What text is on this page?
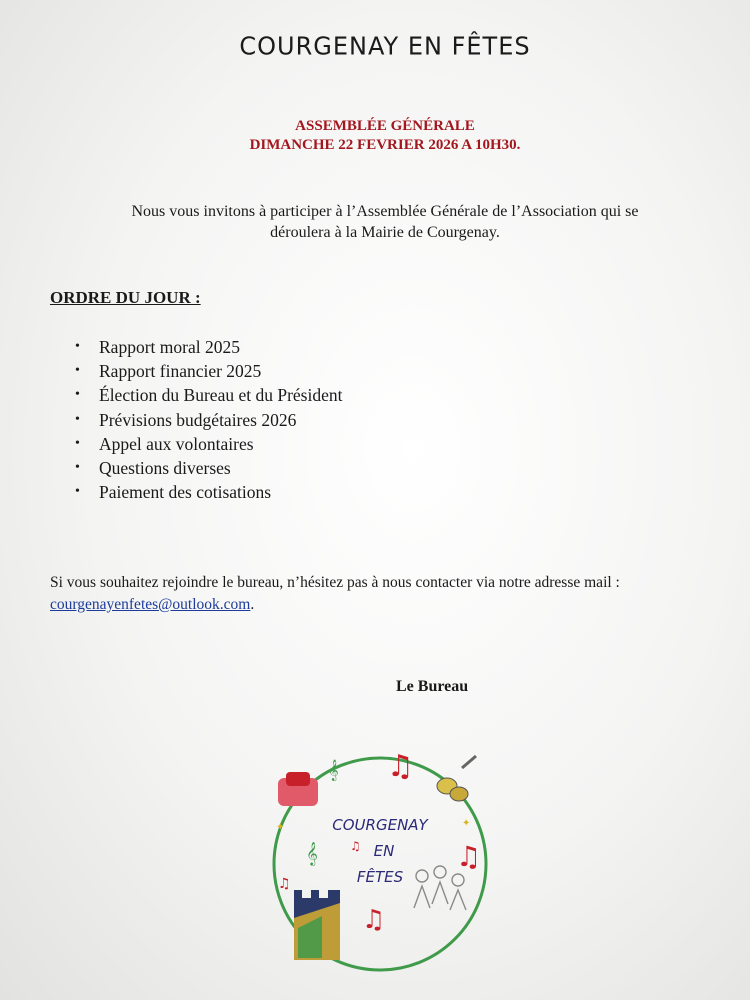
COURGENAY EN FÊTES
ASSEMBLÉE GÉNÉRALE
DIMANCHE 22 FEVRIER 2026 A 10H30.
Nous vous invitons à participer à l’Assemblée Générale de l’Association qui se
déroulera à la Mairie de Courgenay.
ORDRE DU JOUR :
• Rapport moral 2025
• Rapport financier 2025
• Élection du Bureau et du Président
• Prévisions budgétaires 2026
• Appel aux volontaires
• Questions diverses
• Paiement des cotisations
Si vous souhaitez rejoindre le bureau, n’hésitez pas à nous contacter via notre adresse mail :
courgenayenfetes@outlook.com.
Le Bureau
♫
♫
♫
♫
♫
𝄞
𝄞
✦	✦
COURGENAY
EN
FÊTES
